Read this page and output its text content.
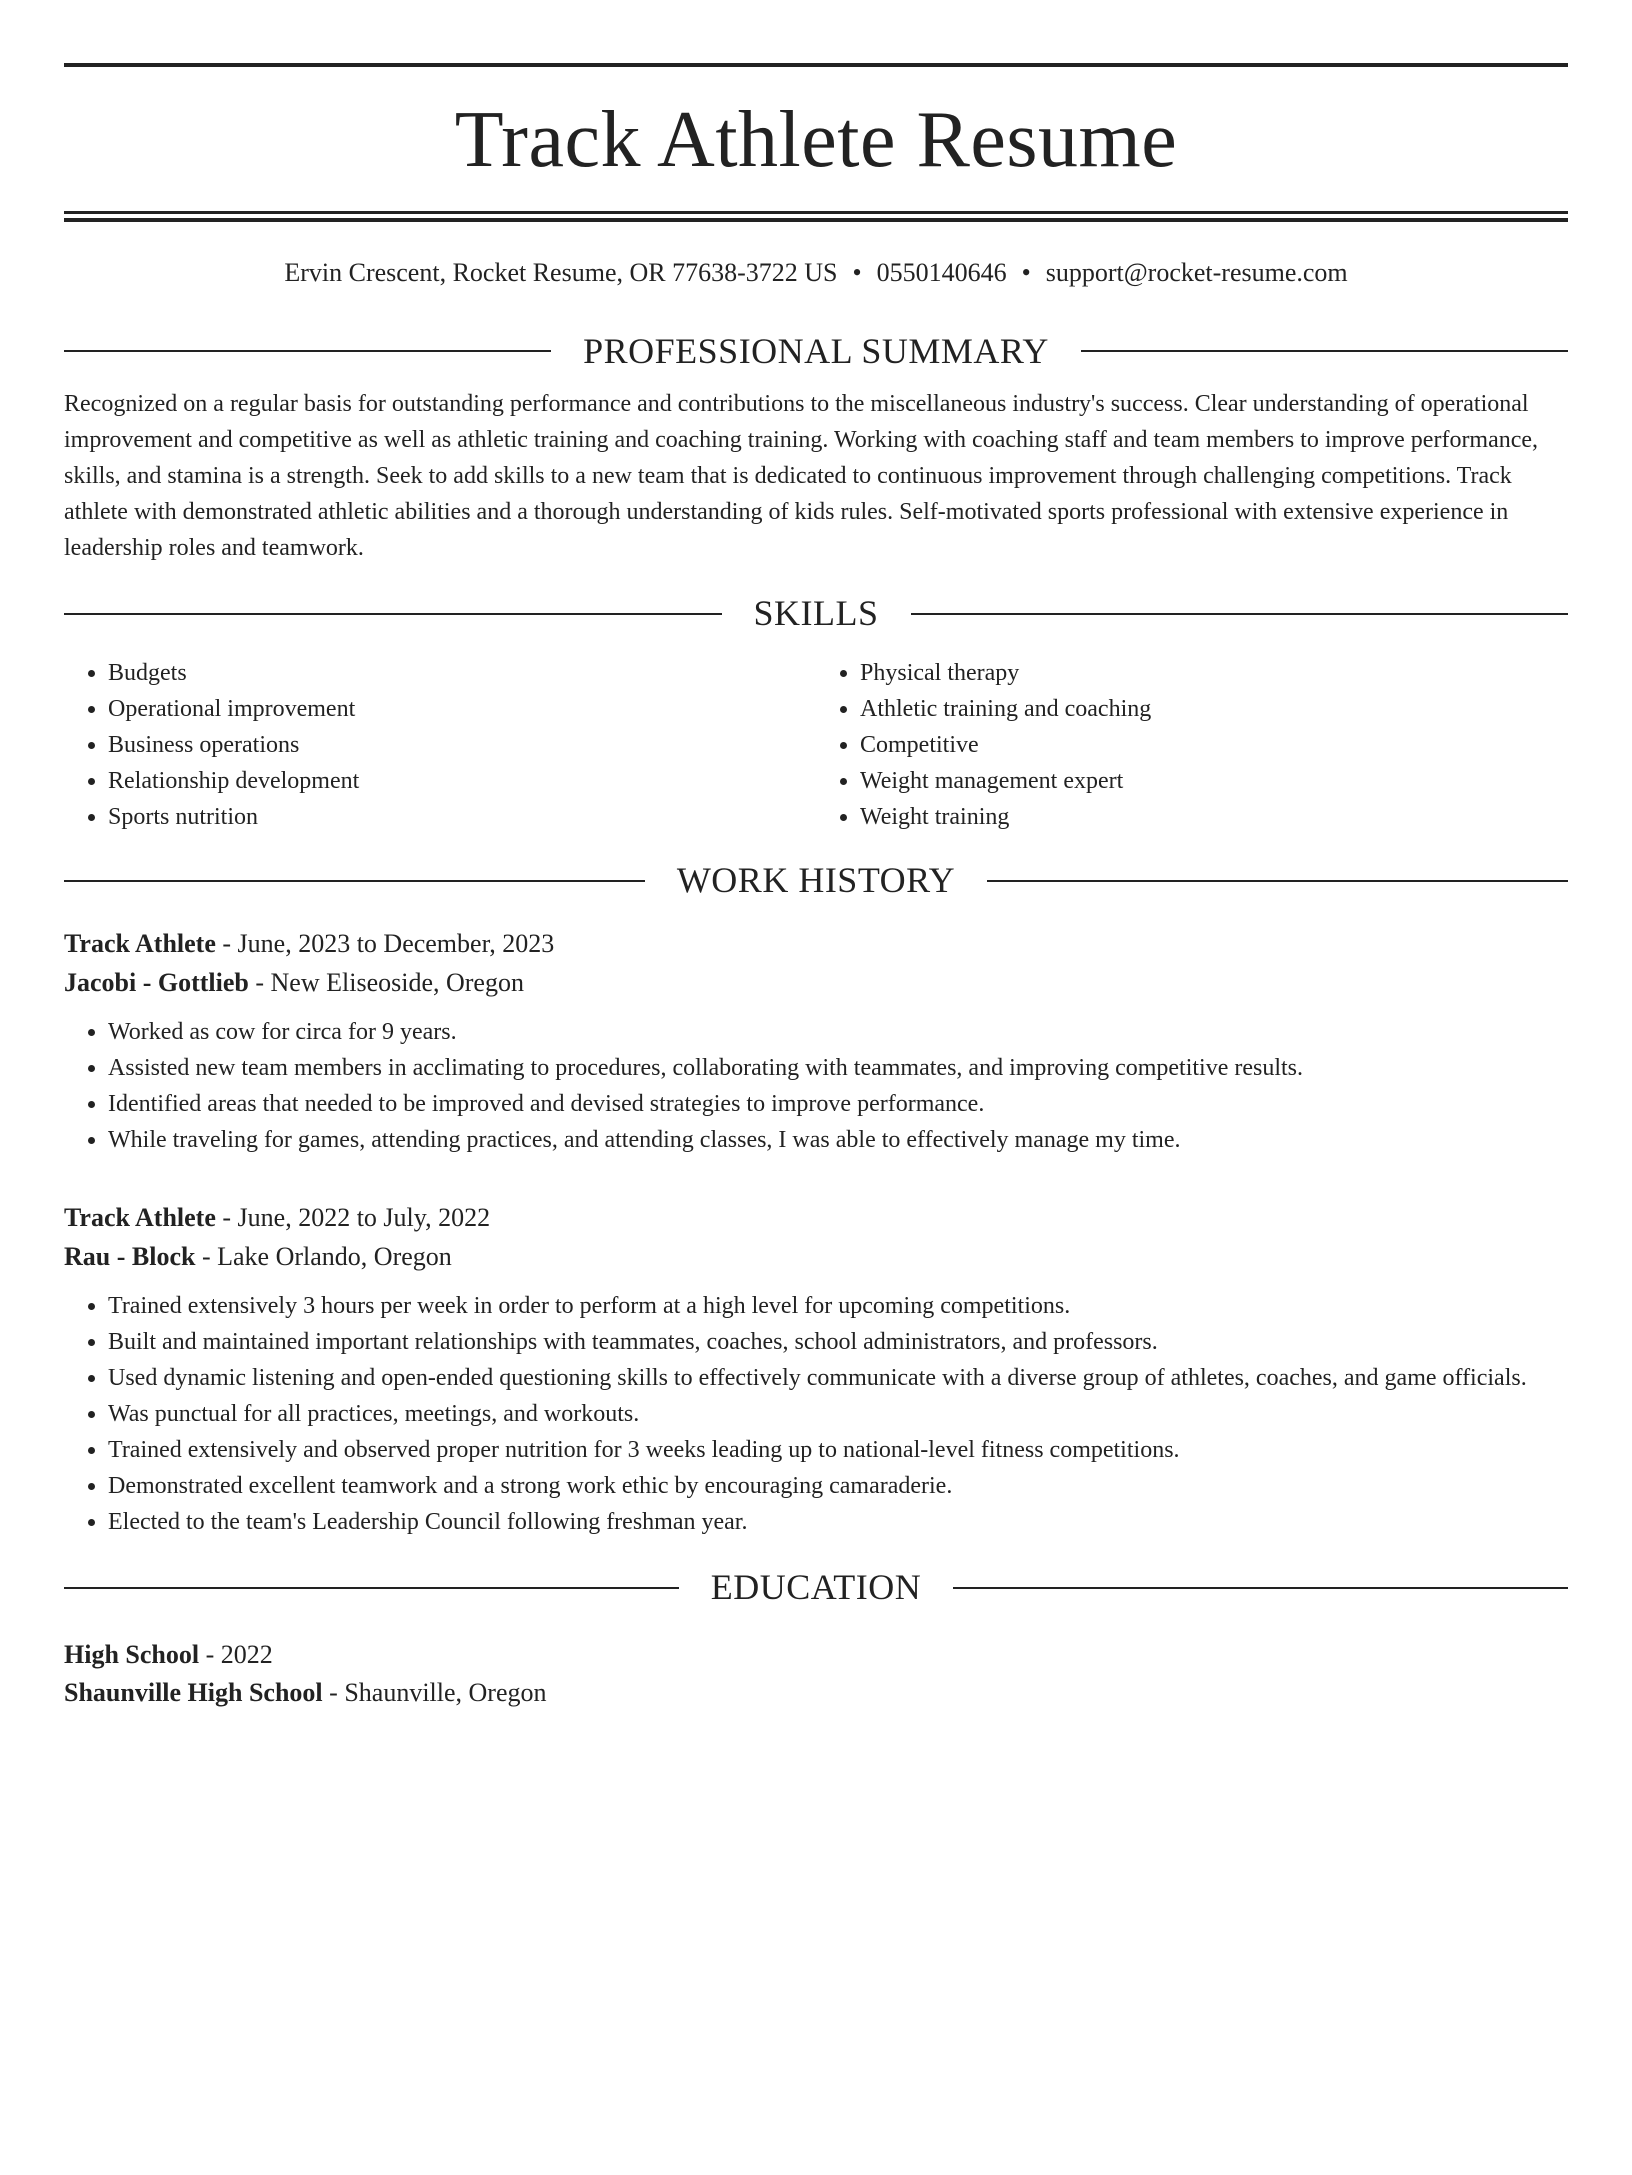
Track Athlete Resume
Ervin Crescent, Rocket Resume, OR 77638-3722 US • 0550140646 • support@rocket-resume.com
PROFESSIONAL SUMMARY
Recognized on a regular basis for outstanding performance and contributions to the miscellaneous industry's success. Clear understanding of operational improvement and competitive as well as athletic training and coaching training. Working with coaching staff and team members to improve performance, skills, and stamina is a strength. Seek to add skills to a new team that is dedicated to continuous improvement through challenging competitions. Track athlete with demonstrated athletic abilities and a thorough understanding of kids rules. Self-motivated sports professional with extensive experience in leadership roles and teamwork.
SKILLS
• Budgets
• Operational improvement
• Business operations
• Relationship development
• Sports nutrition
• Physical therapy
• Athletic training and coaching
• Competitive
• Weight management expert
• Weight training
WORK HISTORY
Track Athlete - June, 2023 to December, 2023
Jacobi - Gottlieb - New Eliseoside, Oregon
• Worked as cow for circa for 9 years.
• Assisted new team members in acclimating to procedures, collaborating with teammates, and improving competitive results.
• Identified areas that needed to be improved and devised strategies to improve performance.
• While traveling for games, attending practices, and attending classes, I was able to effectively manage my time.
Track Athlete - June, 2022 to July, 2022
Rau - Block - Lake Orlando, Oregon
• Trained extensively 3 hours per week in order to perform at a high level for upcoming competitions.
• Built and maintained important relationships with teammates, coaches, school administrators, and professors.
• Used dynamic listening and open-ended questioning skills to effectively communicate with a diverse group of athletes, coaches, and game officials.
• Was punctual for all practices, meetings, and workouts.
• Trained extensively and observed proper nutrition for 3 weeks leading up to national-level fitness competitions.
• Demonstrated excellent teamwork and a strong work ethic by encouraging camaraderie.
• Elected to the team's Leadership Council following freshman year.
EDUCATION
High School - 2022
Shaunville High School - Shaunville, Oregon
